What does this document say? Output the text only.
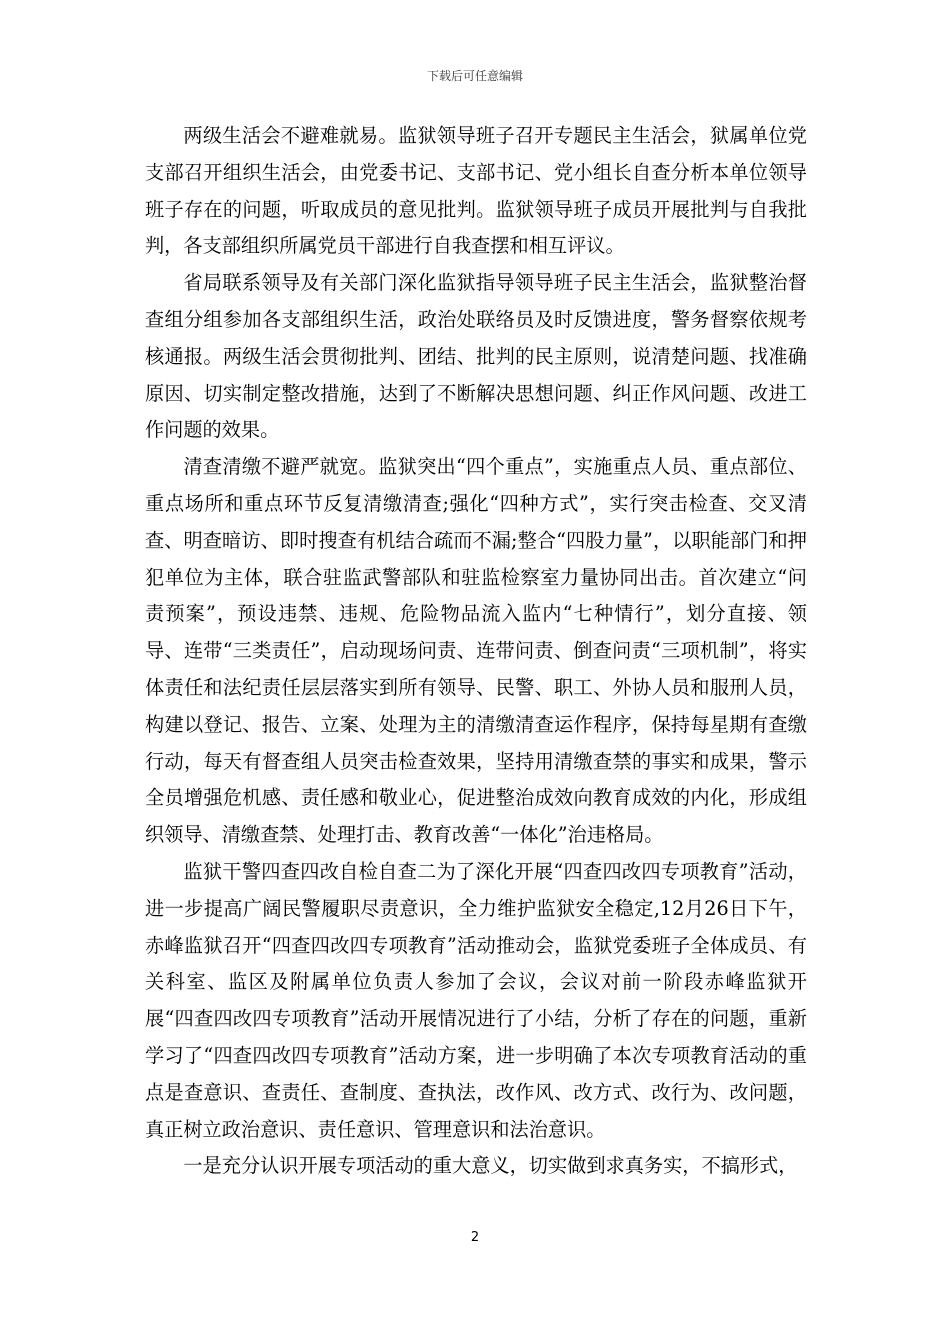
下载后可任意编辑

两级生活会不避难就易。监狱领导班子召开专题民主生活会，狱属单位党支部召开组织生活会，由党委书记、支部书记、党小组长自查分析本单位领导班子存在的问题，听取成员的意见批判。监狱领导班子成员开展批判与自我批判，各支部组织所属党员干部进行自我查摆和相互评议。

省局联系领导及有关部门深化监狱指导领导班子民主生活会，监狱整治督查组分组参加各支部组织生活，政治处联络员及时反馈进度，警务督察依规考核通报。两级生活会贯彻批判、团结、批判的民主原则，说清楚问题、找准确原因、切实制定整改措施，达到了不断解决思想问题、纠正作风问题、改进工作问题的效果。

清查清缴不避严就宽。监狱突出“四个重点”，实施重点人员、重点部位、重点场所和重点环节反复清缴清查;强化“四种方式”，实行突击检查、交叉清查、明查暗访、即时搜查有机结合疏而不漏;整合“四股力量”，以职能部门和押犯单位为主体，联合驻监武警部队和驻监检察室力量协同出击。首次建立“问责预案”，预设违禁、违规、危险物品流入监内“七种情行”，划分直接、领导、连带“三类责任”，启动现场问责、连带问责、倒查问责“三项机制”，将实体责任和法纪责任层层落实到所有领导、民警、职工、外协人员和服刑人员，构建以登记、报告、立案、处理为主的清缴清查运作程序，保持每星期有查缴行动，每天有督查组人员突击检查效果，坚持用清缴查禁的事实和成果，警示全员增强危机感、责任感和敬业心，促进整治成效向教育成效的内化，形成组织领导、清缴查禁、处理打击、教育改善“一体化”治违格局。

监狱干警四查四改自检自查二为了深化开展“四查四改四专项教育”活动，进一步提高广阔民警履职尽责意识，全力维护监狱安全稳定,12月26日下午，赤峰监狱召开“四查四改四专项教育”活动推动会，监狱党委班子全体成员、有关科室、监区及附属单位负责人参加了会议，会议对前一阶段赤峰监狱开展“四查四改四专项教育”活动开展情况进行了小结，分析了存在的问题，重新学习了“四查四改四专项教育”活动方案，进一步明确了本次专项教育活动的重点是查意识、查责任、查制度、查执法，改作风、改方式、改行为、改问题，真正树立政治意识、责任意识、管理意识和法治意识。

一是充分认识开展专项活动的重大意义，切实做到求真务实，不搞形式，

2
